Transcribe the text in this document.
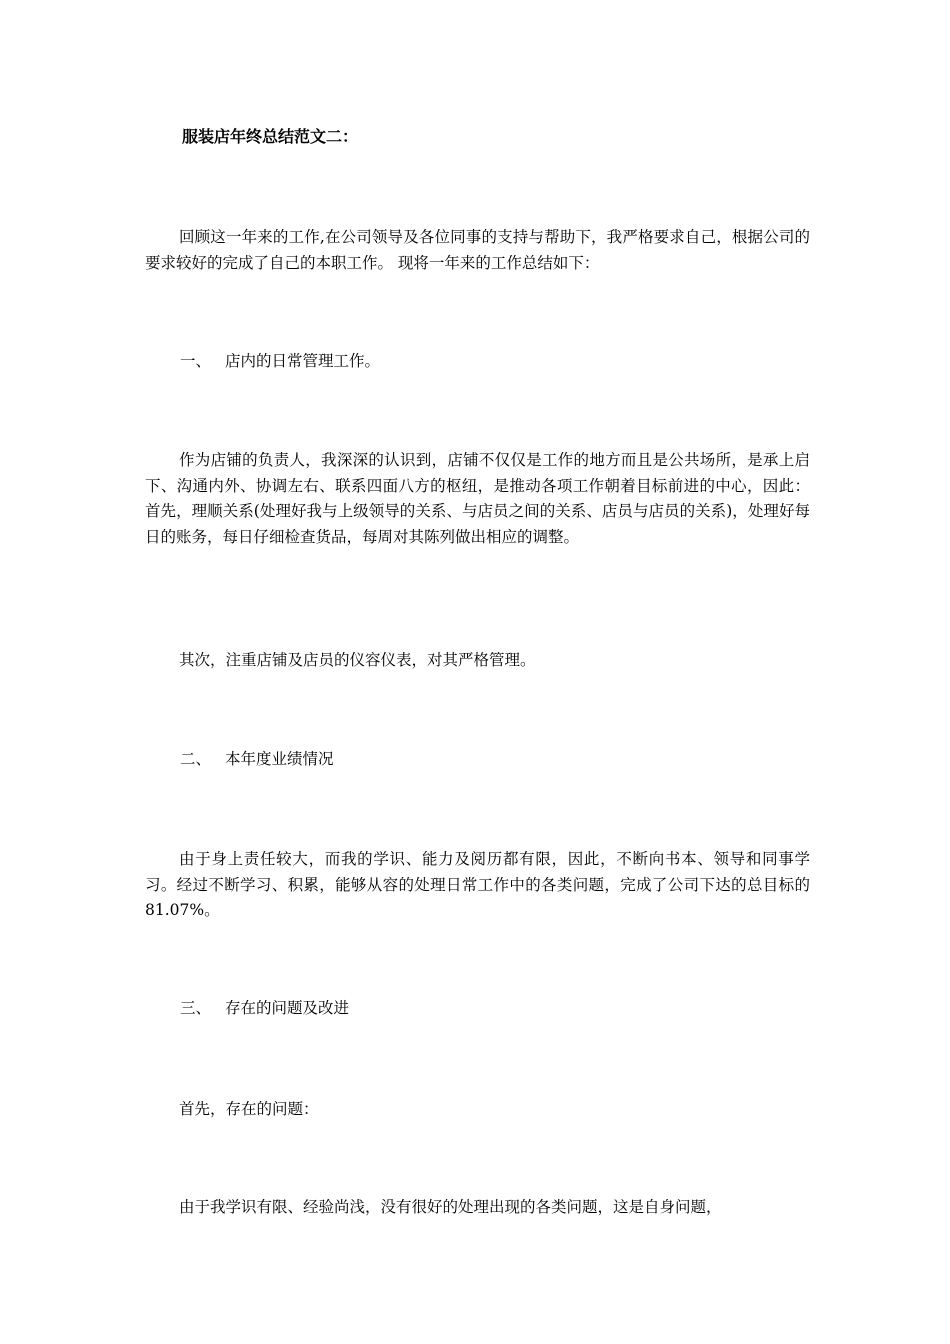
服装店年终总结范文二：

回顾这一年来的工作,在公司领导及各位同事的支持与帮助下，我严格要求自己，根据公司的要求较好的完成了自己的本职工作。 现将一年来的工作总结如下：

一、 店内的日常管理工作。

作为店铺的负责人，我深深的认识到，店铺不仅仅是工作的地方而且是公共场所，是承上启下、沟通内外、协调左右、联系四面八方的枢纽，是推动各项工作朝着目标前进的中心，因此： 首先，理顺关系(处理好我与上级领导的关系、与店员之间的关系、店员与店员的关系)，处理好每日的账务，每日仔细检查货品，每周对其陈列做出相应的调整。

其次，注重店铺及店员的仪容仪表，对其严格管理。

二、 本年度业绩情况

由于身上责任较大，而我的学识、能力及阅历都有限，因此，不断向书本、领导和同事学习。经过不断学习、积累，能够从容的处理日常工作中的各类问题，完成了公司下达的总目标的81.07%。

三、 存在的问题及改进

首先，存在的问题：

由于我学识有限、经验尚浅，没有很好的处理出现的各类问题，这是自身问题，
